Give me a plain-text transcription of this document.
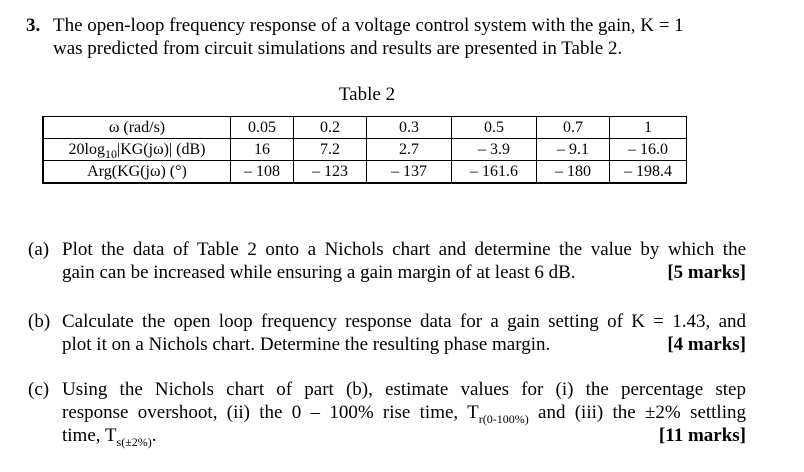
3. The open-loop frequency response of a voltage control system with the gain, K = 1
was predicted from circuit simulations and results are presented in Table 2.
Table 2
ω (rad/s)	0.05	0.2	0.3	0.5	0.7	1
$20\log_{10}|KG(j\omega)|$ (dB)	16	7.2	2.7	– 3.9	– 9.1	– 16.0
Arg(KG(jω) (°)	– 108	– 123	– 137	– 161.6	– 180	– 198.4
(a) Plot the data of Table 2 onto a Nichols chart and determine the value by which the
gain can be increased while ensuring a gain margin of at least 6 dB.	[5 marks]
(b) Calculate the open loop frequency response data for a gain setting of K = 1.43, and
plot it on a Nichols chart. Determine the resulting phase margin.	[4 marks]
(c) Using the Nichols chart of part (b), estimate values for (i) the percentage step
response overshoot, (ii) the 0 – 100% rise time, $T_{r(0-100\%)}$ and (iii) the ±2% settling
time, $T_{s(\pm 2\%)}$.	[11 marks]
